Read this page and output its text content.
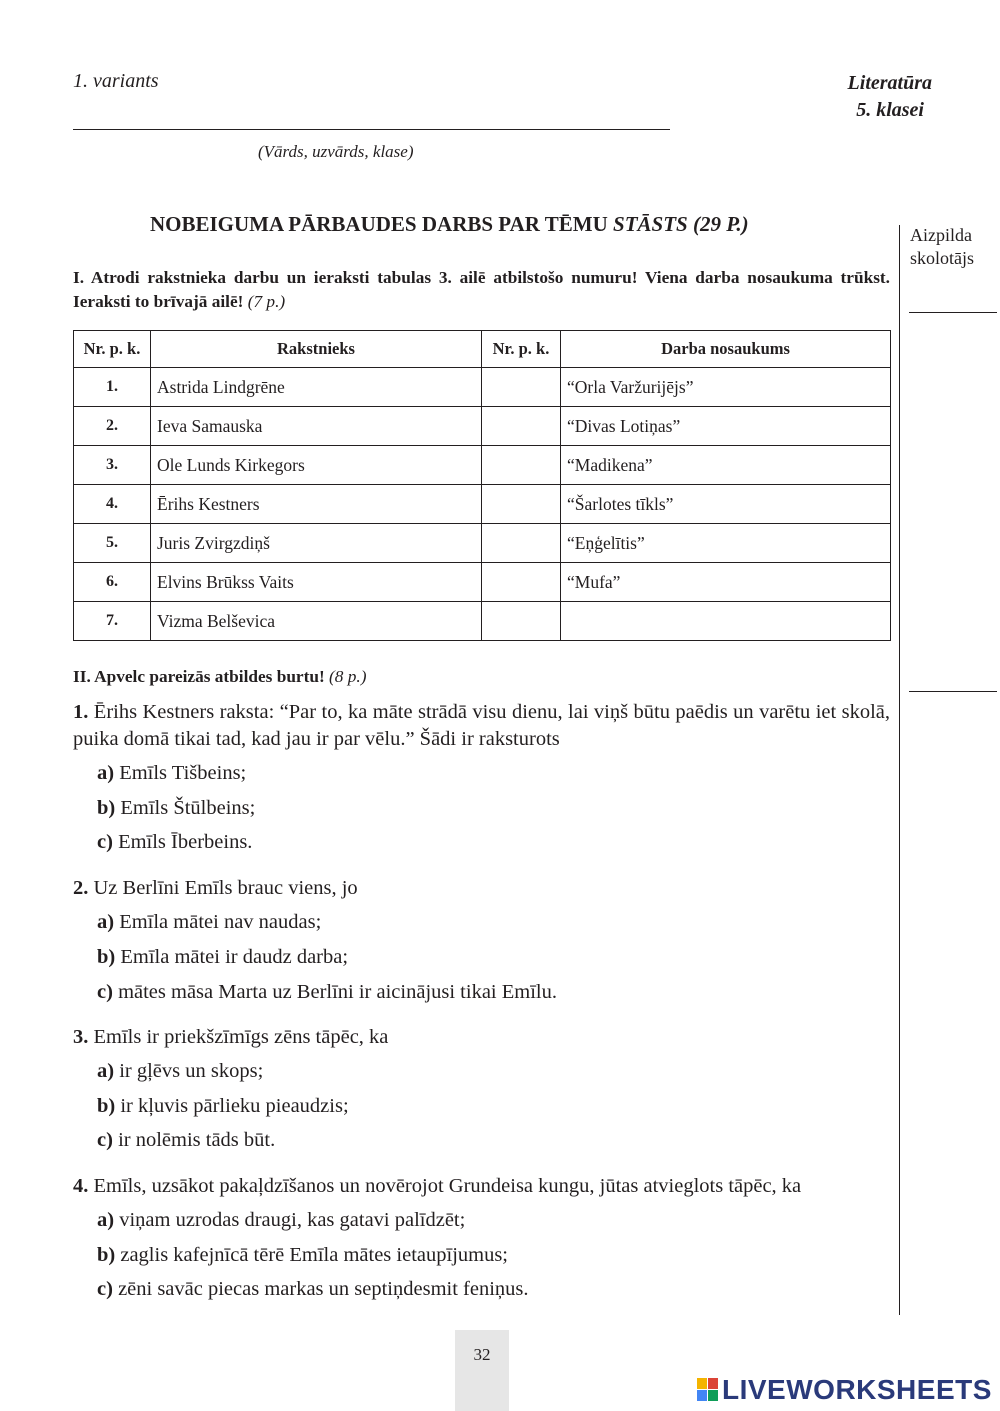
1. variants	Literatūra
5. klasei
(Vārds, uzvārds, klase)
NOBEIGUMA PĀRBAUDES DARBS PAR TĒMU STĀSTS (29 P.)	Aizpilda
skolotājs
I. Atrodi rakstnieka darbu un ieraksti tabulas 3. ailē atbilstošo numuru! Viena darba nosaukuma trūkst. Ieraksti to brīvajā ailē! (7 p.)
Nr. p. k.	Rakstnieks	Nr. p. k.	Darba nosaukums
1.	Astrida Lindgrēne		“Orla Varžurijējs”
2.	Ieva Samauska		“Divas Lotiņas”
3.	Ole Lunds Kirkegors		“Madikena”
4.	Ērihs Kestners		“Šarlotes tīkls”
5.	Juris Zvirgzdiņš		“Eņģelītis”
6.	Elvins Brūkss Vaits		“Mufa”
7.	Vizma Belševica		
II. Apvelc pareizās atbildes burtu! (8 p.)
1. Ērihs Kestners raksta: “Par to, ka māte strādā visu dienu, lai viņš būtu paēdis un varētu iet skolā, puika domā tikai tad, kad jau ir par vēlu.” Šādi ir raksturots
a) Emīls Tišbeins;
b) Emīls Štūlbeins;
c) Emīls Īberbeins.
2. Uz Berlīni Emīls brauc viens, jo
a) Emīla mātei nav naudas;
b) Emīla mātei ir daudz darba;
c) mātes māsa Marta uz Berlīni ir aicinājusi tikai Emīlu.
3. Emīls ir priekšzīmīgs zēns tāpēc, ka
a) ir gļēvs un skops;
b) ir kļuvis pārlieku pieaudzis;
c) ir nolēmis tāds būt.
4. Emīls, uzsākot pakaļdzīšanos un novērojot Grundeisa kungu, jūtas atvieglots tāpēc, ka
a) viņam uzrodas draugi, kas gatavi palīdzēt;
b) zaglis kafejnīcā tērē Emīla mātes ietaupījumus;
c) zēni savāc piecas markas un septiņdesmit feniņus.
32
LIVEWORKSHEETS
